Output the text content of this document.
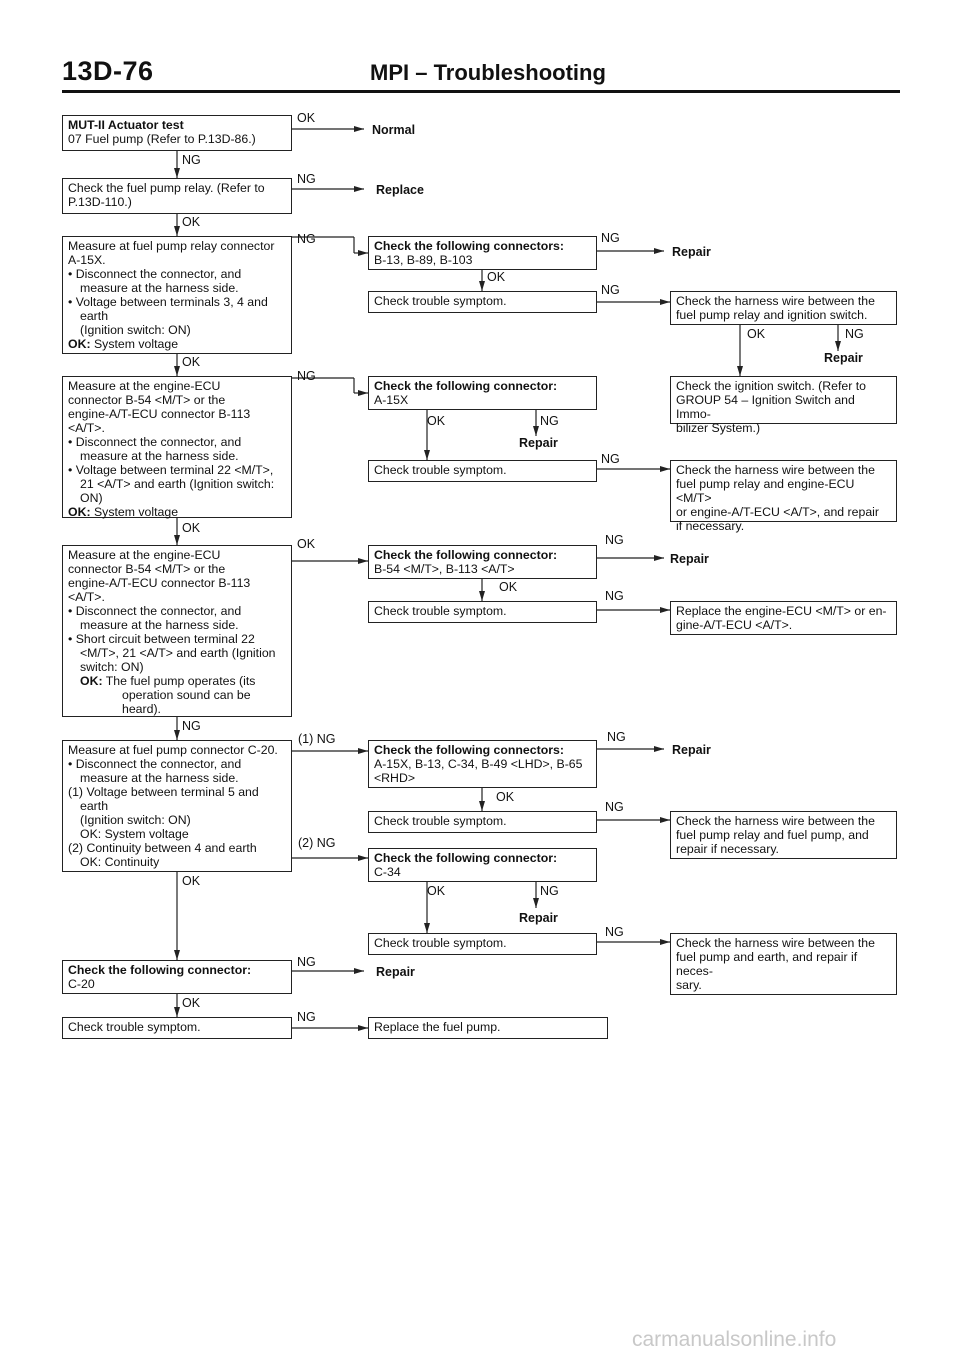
13D-76	MPI – Troubleshooting
MUT-II Actuator test
07 Fuel pump (Refer to P.13D-86.)
Check the fuel pump relay. (Refer to
P.13D-110.)
Measure at fuel pump relay connector
A-15X.
• Disconnect the connector, and
measure at the harness side.
• Voltage between terminals 3, 4 and
earth
(Ignition switch: ON)
OK: System voltage
Measure at the engine-ECU
connector B-54 <M/T> or the
engine-A/T-ECU connector B-113
<A/T>.
• Disconnect the connector, and
measure at the harness side.
• Voltage between terminal 22 <M/T>,
21 <A/T> and earth (Ignition switch:
ON)
OK: System voltage
Measure at the engine-ECU
connector B-54 <M/T> or the
engine-A/T-ECU connector B-113
<A/T>.
• Disconnect the connector, and
measure at the harness side.
• Short circuit between terminal 22
<M/T>, 21 <A/T> and earth (Ignition
switch: ON)
OK: The fuel pump operates (its operation sound can be heard).
Measure at fuel pump connector C-20.
• Disconnect the connector, and
measure at the harness side.
(1) Voltage between terminal 5 and
earth
(Ignition switch: ON)
OK: System voltage
(2) Continuity between 4 and earth
OK: Continuity
Check the following connector:
C-20
Check trouble symptom.
Check the following connectors:
B-13, B-89, B-103
Check trouble symptom.
Check the following connector:
A-15X
Check trouble symptom.
Check the following connector:
B-54 <M/T>, B-113 <A/T>
Check trouble symptom.
Check the following connectors:
A-15X, B-13, C-34, B-49 <LHD>, B-65
<RHD>
Check trouble symptom.
Check the following connector:
C-34
Check trouble symptom.
Replace the fuel pump.
Check the harness wire between the
fuel pump relay and ignition switch.
Check the ignition switch. (Refer to
GROUP 54 – Ignition Switch and Immo-
bilizer System.)
Check the harness wire between the
fuel pump relay and engine-ECU <M/T>
or engine-A/T-ECU <A/T>, and repair
if necessary.
Replace the engine-ECU <M/T> or en-
gine-A/T-ECU <A/T>.
Check the harness wire between the
fuel pump relay and fuel pump, and
repair if necessary.
Check the harness wire between the
fuel pump and earth, and repair if neces-
sary.
NG
OK
OK
OK
NG
OK
OK
OK
Normal
NG
Replace
NG
NG
OK
(1) NG
(2) NG
NG
Repair
NG
OK
OK	NG
Repair
OK
OK
OK	NG
Repair
NG
Repair
NG
NG
NG
Repair
NG
NG
Repair
NG
NG
OK	NG
Repair
carmanualsonline.info
